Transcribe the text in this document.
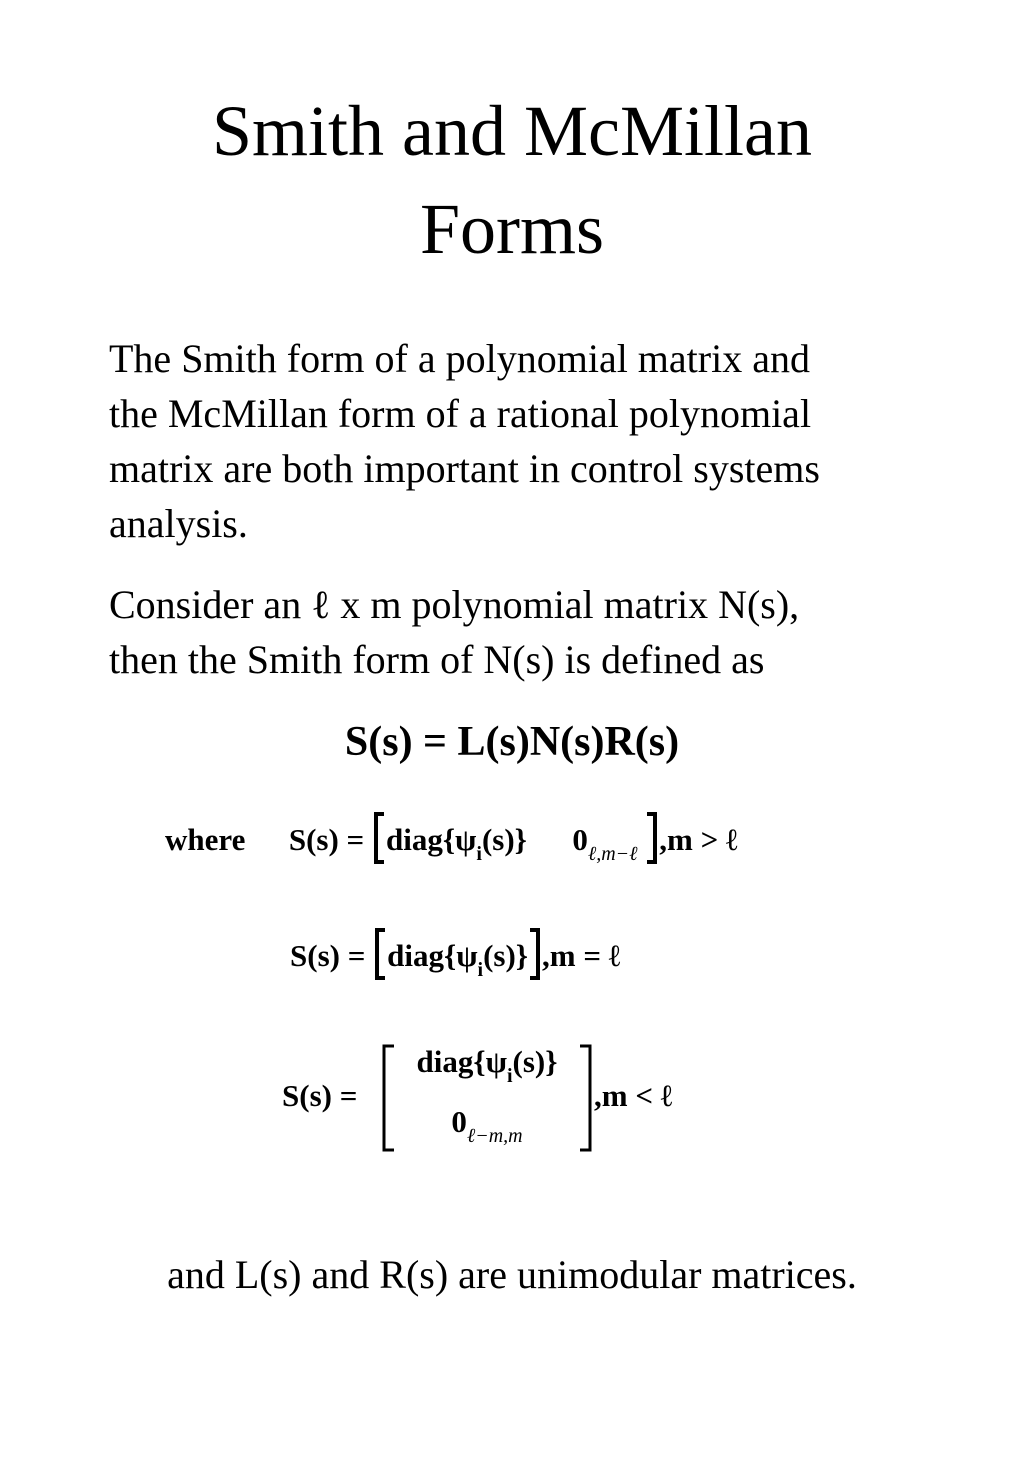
Smith and McMillan
Forms

The Smith form of a polynomial matrix and
the McMillan form of a rational polynomial
matrix are both important in control systems
analysis.

Consider an ℓ x m polynomial matrix N(s),
then the Smith form of N(s) is defined as

S(s) = L(s)N(s)R(s)
where $S(s) = diag\{\psi_i(s)\}$ $0_{\ell,m-\ell}$ ,m > ℓ
$S(s) = diag\{\psi_i(s)\} ,m$ = ℓ
S(s) =
$diag\{\psi_i(s)\}$
$0_{\ell-m,m}$
,m < ℓ

and L(s) and R(s) are unimodular matrices.
